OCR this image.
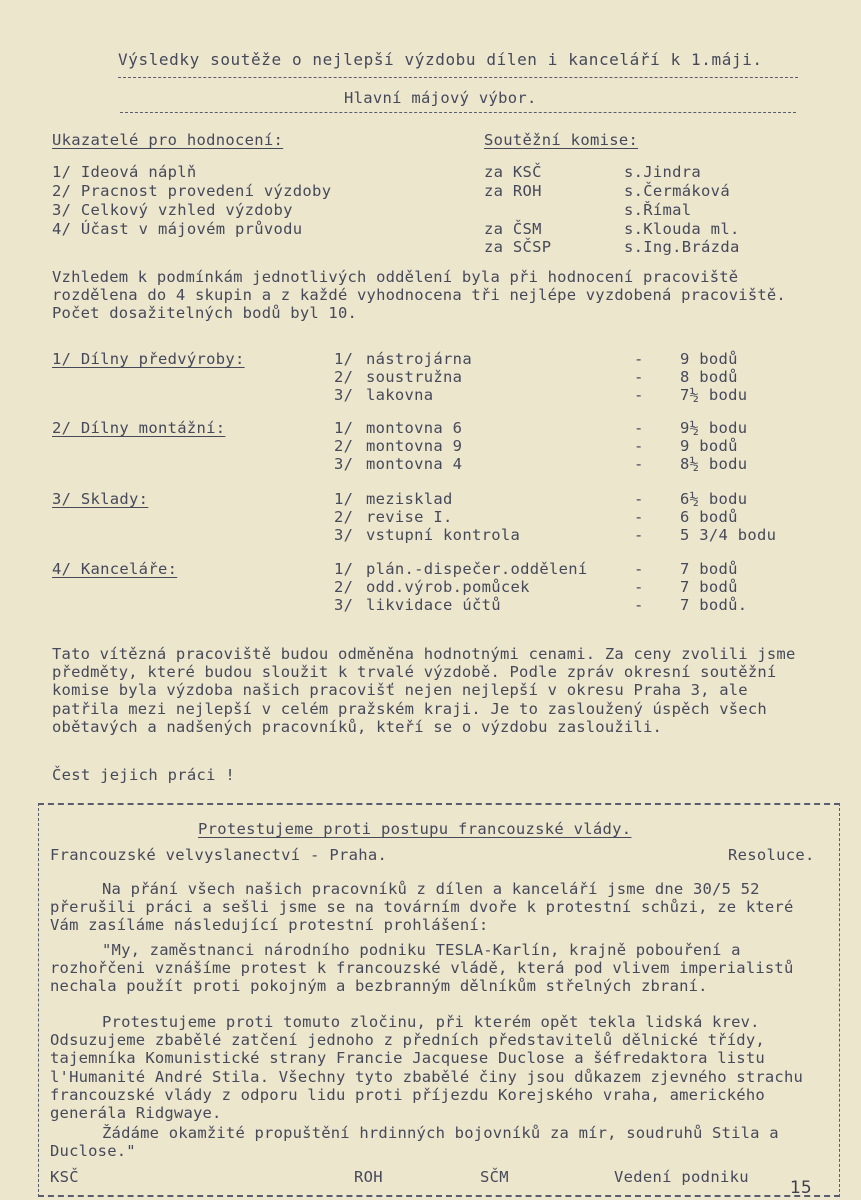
Výsledky soutěže o nejlepší výzdobu dílen i kanceláří k 1.máji.
Hlavní májový výbor.
Ukazatelé pro hodnocení:
1/ Ideová náplň
2/ Pracnost provedení výzdoby
3/ Celkový vzhled výzdoby
4/ Účast v májovém průvodu
Soutěžní komise:
za KSČ	s.Jindra
za ROH	s.Čermáková
s.Římal
za ČSM	s.Klouda ml.
za SČSP	s.Ing.Brázda
Vzhledem k podmínkám jednotlivých oddělení byla při hodnocení pracoviště rozdělena do 4 skupin a z každé vyhodnocena tři nejlépe vyzdobená pracoviště. Počet dosažitelných bodů byl 10.
1/ Dílny předvýroby:	1/ nástrojárna	- 9 bodů
2/ soustružna	- 8 bodů
3/ lakovna	- 7½ bodu
2/ Dílny montážní:	1/ montovna 6	- 9½ bodu
2/ montovna 9	- 9 bodů
3/ montovna 4	- 8½ bodu
3/ Sklady:	1/ mezisklad	- 6½ bodu
2/ revise I.	- 6 bodů
3/ vstupní kontrola	- 5 3/4 bodu
4/ Kanceláře:	1/ plán.-dispečer.oddělení	- 7 bodů
2/ odd.výrob.pomůcek	- 7 bodů
3/ likvidace účtů	- 7 bodů.
Tato vítězná pracoviště budou odměněna hodnotnými cenami. Za ceny zvolili jsme předměty, které budou sloužit k trvalé výzdobě. Podle zpráv okresní soutěžní komise byla výzdoba našich pracovišť nejen nejlepší v okresu Praha 3, ale patřila mezi nejlepší v celém pražském kraji. Je to zasloužený úspěch všech obětavých a nadšených pracovníků, kteří se o výzdobu zasloužili.
Čest jejich práci !
Protestujeme proti postupu francouzské vlády.
Francouzské velvyslanectví - Praha.	Resoluce.
Na přání všech našich pracovníků z dílen a kanceláří jsme dne 30/5 52 přerušili práci a sešli jsme se na továrním dvoře k protestní schůzi, ze které Vám zasíláme následující protestní prohlášení:
"My, zaměstnanci národního podniku TESLA-Karlín, krajně pobouření a rozhořčeni vznášíme protest k francouzské vládě, která pod vlivem imperialistů nechala použít proti pokojným a bezbranným dělníkům střelných zbraní.
Protestujeme proti tomuto zločinu, při kterém opět tekla lidská krev. Odsuzujeme zbabělé zatčení jednoho z předních představitelů dělnické třídy, tajemníka Komunistické strany Francie Jacquese Duclose a šéfredaktora listu l'Humanité André Stila. Všechny tyto zbabělé činy jsou důkazem zjevného strachu francouzské vlády z odporu lidu proti příjezdu Korejského vraha, amerického generála Ridgwaye.
Žádáme okamžité propuštění hrdinných bojovníků za mír, soudruhů Stila a Duclose."
KSČ	ROH	SČM	Vedení podniku
15
